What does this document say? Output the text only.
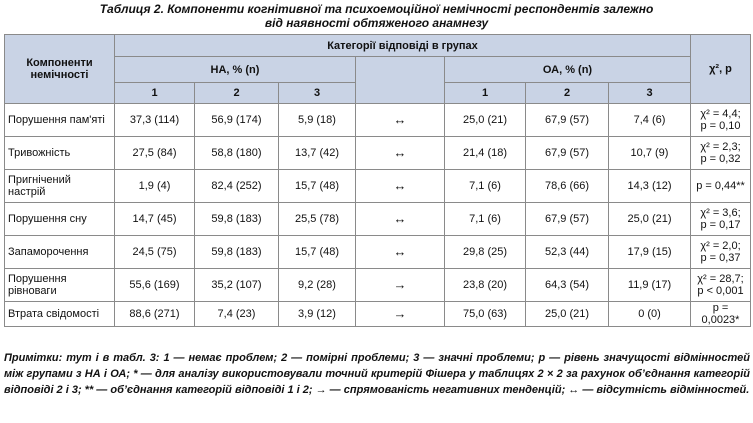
Таблиця 2. Компоненти когнітивної та психоемоційної немічності респондентів залежно
від наявності обтяженого анамнезу
Компоненти немічності	Категорії відповіді в групах							χ², p
	НА, % (n)				ОА, % (n)			
	1	2	3		1	2	3	
Порушення пам'яті	37,3 (114)	56,9 (174)	5,9 (18)	↔	25,0 (21)	67,9 (57)	7,4 (6)	χ² = 4,4;
p = 0,10

Тривожність	27,5 (84)	58,8 (180)	13,7 (42)	↔	21,4 (18)	67,9 (57)	10,7 (9)	χ² = 2,3;
p = 0,32

Пригнічений настрій	1,9 (4)	82,4 (252)	15,7 (48)	↔	7,1 (6)	78,6 (66)	14,3 (12)	p = 0,44**

Порушення сну	14,7 (45)	59,8 (183)	25,5 (78)	↔	7,1 (6)	67,9 (57)	25,0 (21)	χ² = 3,6;
p = 0,17

Запаморочення	24,5 (75)	59,8 (183)	15,7 (48)	↔	29,8 (25)	52,3 (44)	17,9 (15)	χ² = 2,0;
p = 0,37

Порушення рівноваги	55,6 (169)	35,2 (107)	9,2 (28)	→	23,8 (20)	64,3 (54)	11,9 (17)	χ² = 28,7;
p < 0,001

Втрата свідомості	88,6 (271)	7,4 (23)	3,9 (12)	→	75,0 (63)	25,0 (21)	0 (0)	p = 0,0023*
Примітки: тут і в табл. 3: 1 — немає проблем; 2 — помірні проблеми; 3 — значні проблеми; p — рівень значущості відмінностей між групами з НА і ОА; * — для аналізу використовували точний критерій Фішера у таблицях 2 × 2 за рахунок об’єднання категорій відповіді 2 і 3; ** — об’єднання категорій відповіді 1 і 2; → — спрямованість негативних тенденцій; ↔ — відсутність відмінностей.
